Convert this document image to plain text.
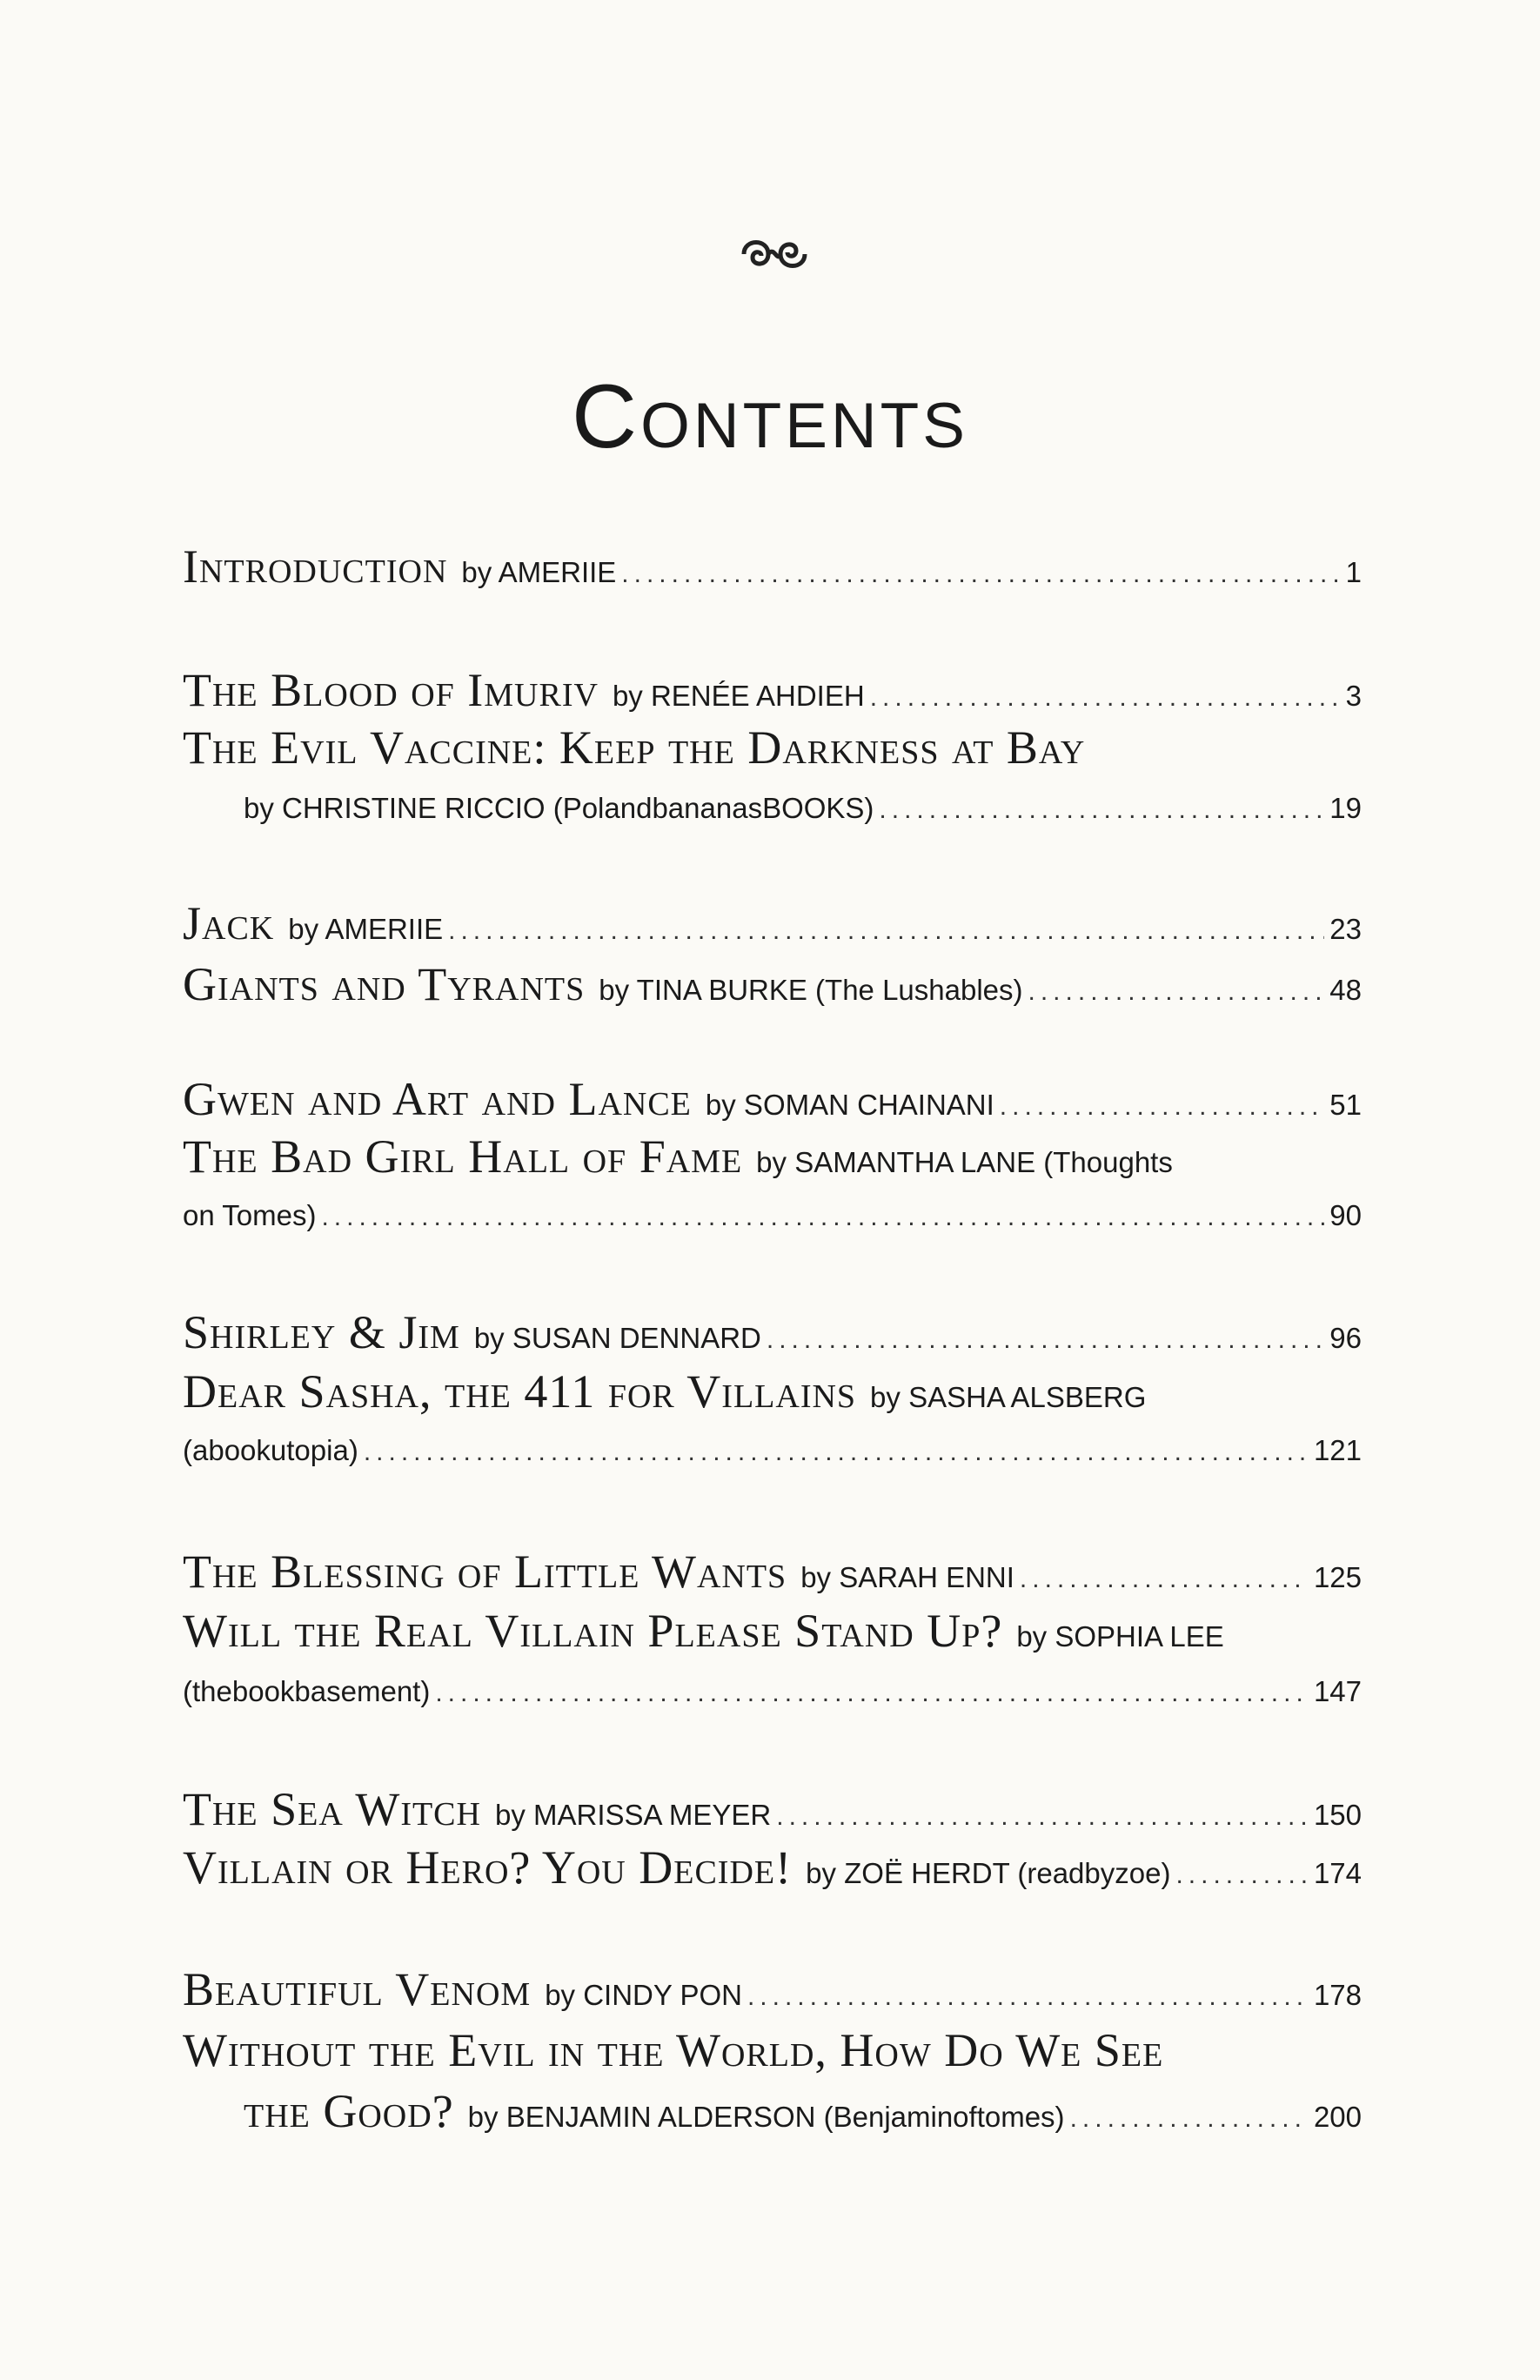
Contents
Introduction by AMERIIE .....	1
The Blood of Imuriv by RENÉE AHDIEH .....	3
The Evil Vaccine: Keep the Darkness at Bay
by CHRISTINE RICCIO (PolandbananasBOOKS) .....	19
Jack by AMERIIE .....	23
Giants and Tyrants by TINA BURKE (The Lushables) .....	48
Gwen and Art and Lance by SOMAN CHAINANI .....	51
The Bad Girl Hall of Fame by SAMANTHA LANE (Thoughts
on Tomes) .....	90
Shirley & Jim by SUSAN DENNARD .....	96
Dear Sasha, the 411 for Villains by SASHA ALSBERG
(abookutopia) .....	121
The Blessing of Little Wants by SARAH ENNI .....	125
Will the Real Villain Please Stand Up? by SOPHIA LEE
(thebookbasement) .....	147
The Sea Witch by MARISSA MEYER .....	150
Villain or Hero? You Decide! by ZOË HERDT (readbyzoe) .....	174
Beautiful Venom by CINDY PON .....	178
Without the Evil in the World, How Do We See
the Good? by BENJAMIN ALDERSON (Benjaminoftomes) .....	200
